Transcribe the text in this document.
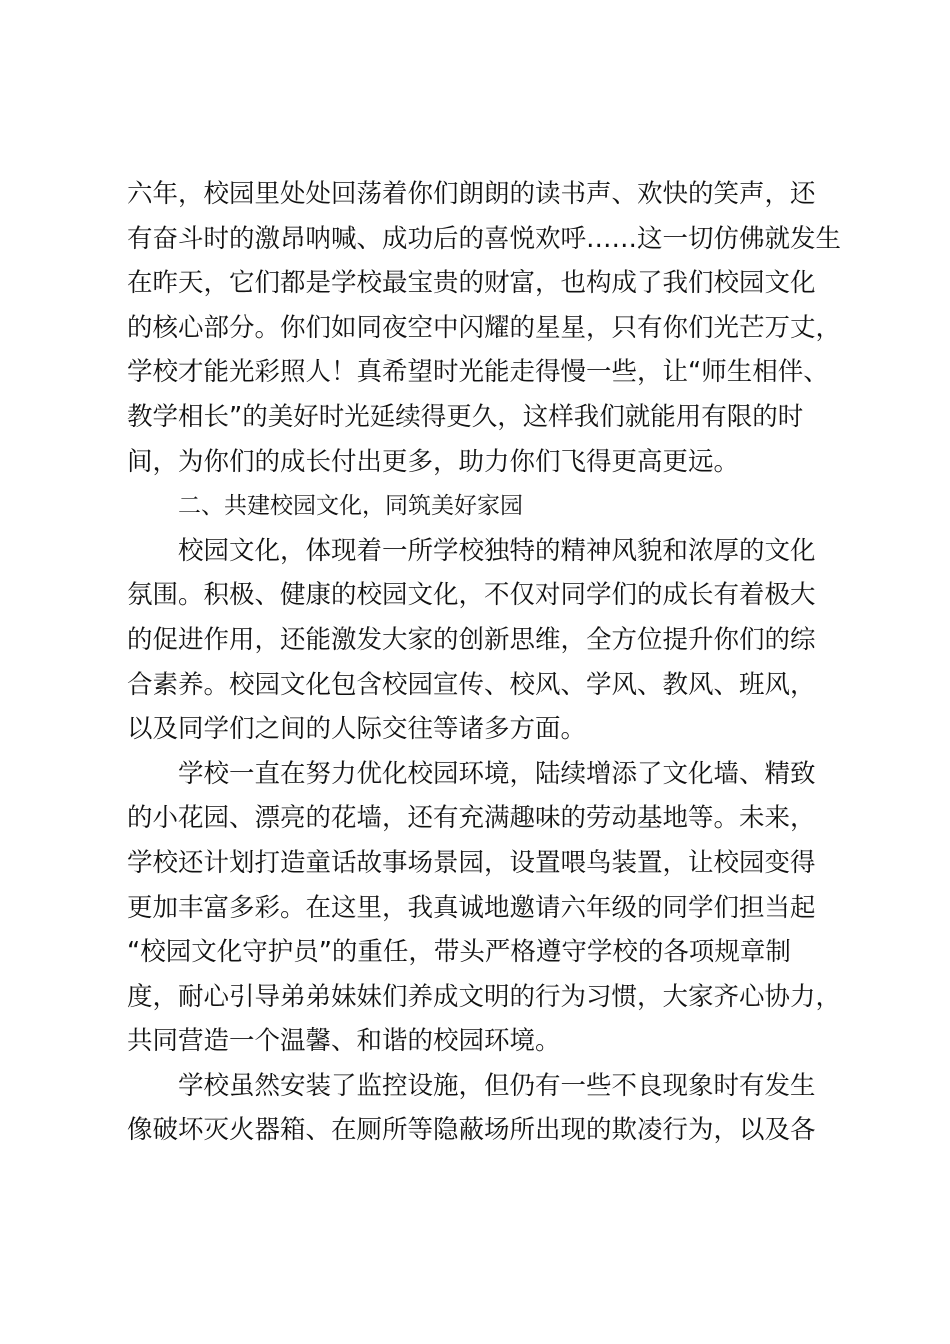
六年，校园里处处回荡着你们朗朗的读书声、欢快的笑声，还
有奋斗时的激昂呐喊、成功后的喜悦欢呼……这一切仿佛就发生
在昨天，它们都是学校最宝贵的财富，也构成了我们校园文化
的核心部分。你们如同夜空中闪耀的星星，只有你们光芒万丈，
学校才能光彩照人！真希望时光能走得慢一些，让“师生相伴、
教学相长”的美好时光延续得更久，这样我们就能用有限的时
间，为你们的成长付出更多，助力你们飞得更高更远。
二、共建校园文化，同筑美好家园
校园文化，体现着一所学校独特的精神风貌和浓厚的文化
氛围。积极、健康的校园文化，不仅对同学们的成长有着极大
的促进作用，还能激发大家的创新思维，全方位提升你们的综
合素养。校园文化包含校园宣传、校风、学风、教风、班风，
以及同学们之间的人际交往等诸多方面。
学校一直在努力优化校园环境，陆续增添了文化墙、精致
的小花园、漂亮的花墙，还有充满趣味的劳动基地等。未来，
学校还计划打造童话故事场景园，设置喂鸟装置，让校园变得
更加丰富多彩。在这里，我真诚地邀请六年级的同学们担当起
“校园文化守护员”的重任，带头严格遵守学校的各项规章制
度，耐心引导弟弟妹妹们养成文明的行为习惯，大家齐心协力，
共同营造一个温馨、和谐的校园环境。
学校虽然安装了监控设施，但仍有一些不良现象时有发生
像破坏灭火器箱、在厕所等隐蔽场所出现的欺凌行为，以及各
